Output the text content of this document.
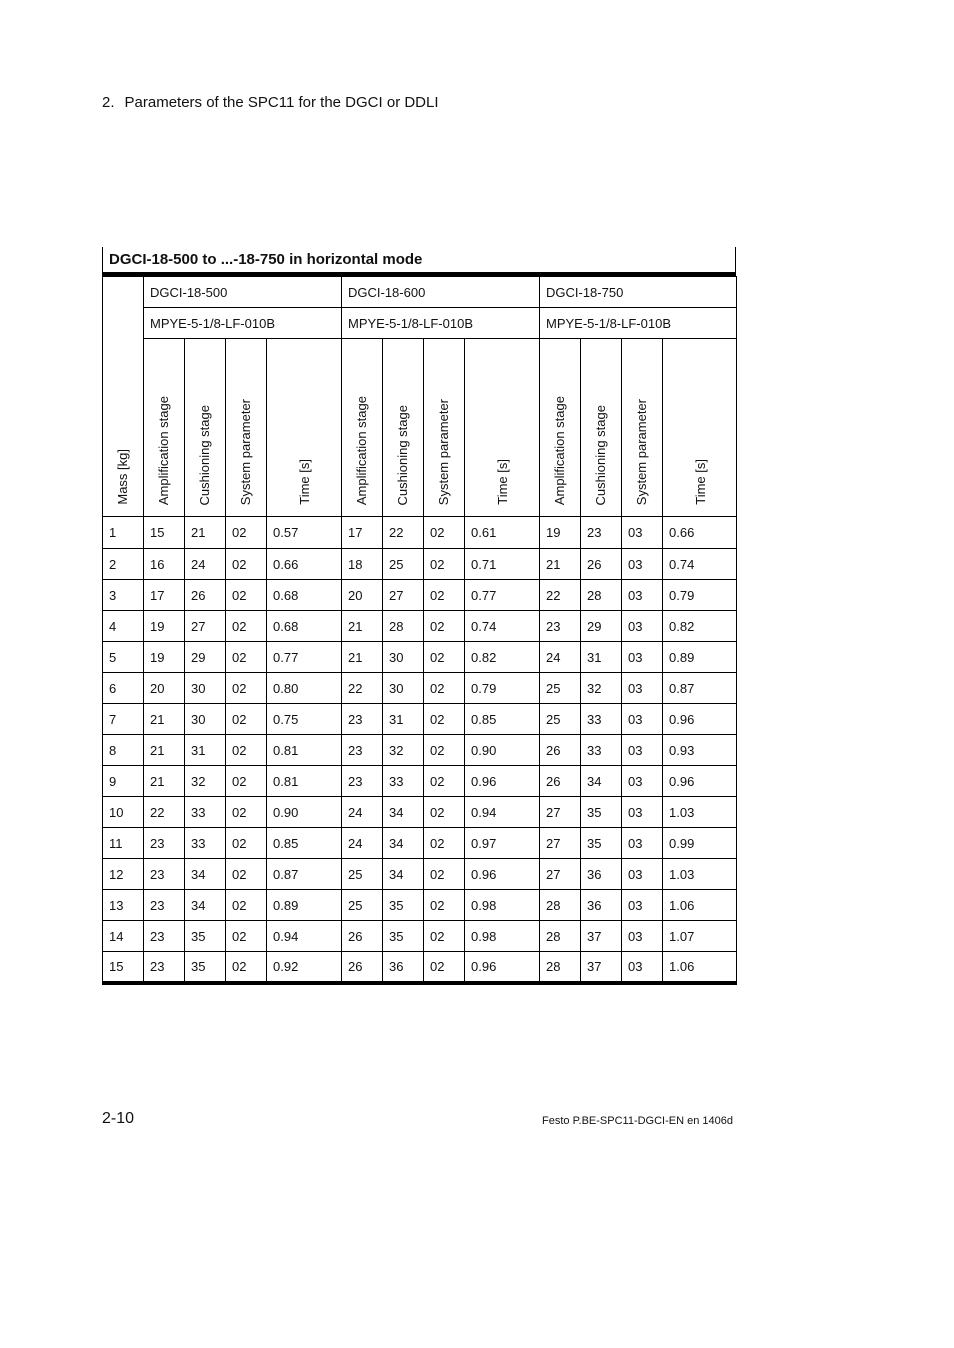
2. Parameters of the SPC11 for the DGCI or DDLI
DGCI-18-500 to ...-18-750 in horizontal mode
Mass [kg]	DGCI-18-500				DGCI-18-600				DGCI-18-750			
	MPYE-5-1/8-LF-010B				MPYE-5-1/8-LF-010B				MPYE-5-1/8-LF-010B			
	Amplification stage	Cushioning stage	System parameter	Time [s]	Amplification stage	Cushioning stage	System parameter	Time [s]	Amplification stage	Cushioning stage	System parameter	Time [s]
1	15	21	02	0.57	17	22	02	0.61	19	23	03	0.66
2	16	24	02	0.66	18	25	02	0.71	21	26	03	0.74
3	17	26	02	0.68	20	27	02	0.77	22	28	03	0.79
4	19	27	02	0.68	21	28	02	0.74	23	29	03	0.82
5	19	29	02	0.77	21	30	02	0.82	24	31	03	0.89
6	20	30	02	0.80	22	30	02	0.79	25	32	03	0.87
7	21	30	02	0.75	23	31	02	0.85	25	33	03	0.96
8	21	31	02	0.81	23	32	02	0.90	26	33	03	0.93
9	21	32	02	0.81	23	33	02	0.96	26	34	03	0.96
10	22	33	02	0.90	24	34	02	0.94	27	35	03	1.03
11	23	33	02	0.85	24	34	02	0.97	27	35	03	0.99
12	23	34	02	0.87	25	34	02	0.96	27	36	03	1.03
13	23	34	02	0.89	25	35	02	0.98	28	36	03	1.06
14	23	35	02	0.94	26	35	02	0.98	28	37	03	1.07
15	23	35	02	0.92	26	36	02	0.96	28	37	03	1.06
2-10	Festo P.BE-SPC11-DGCI-EN en 1406d
